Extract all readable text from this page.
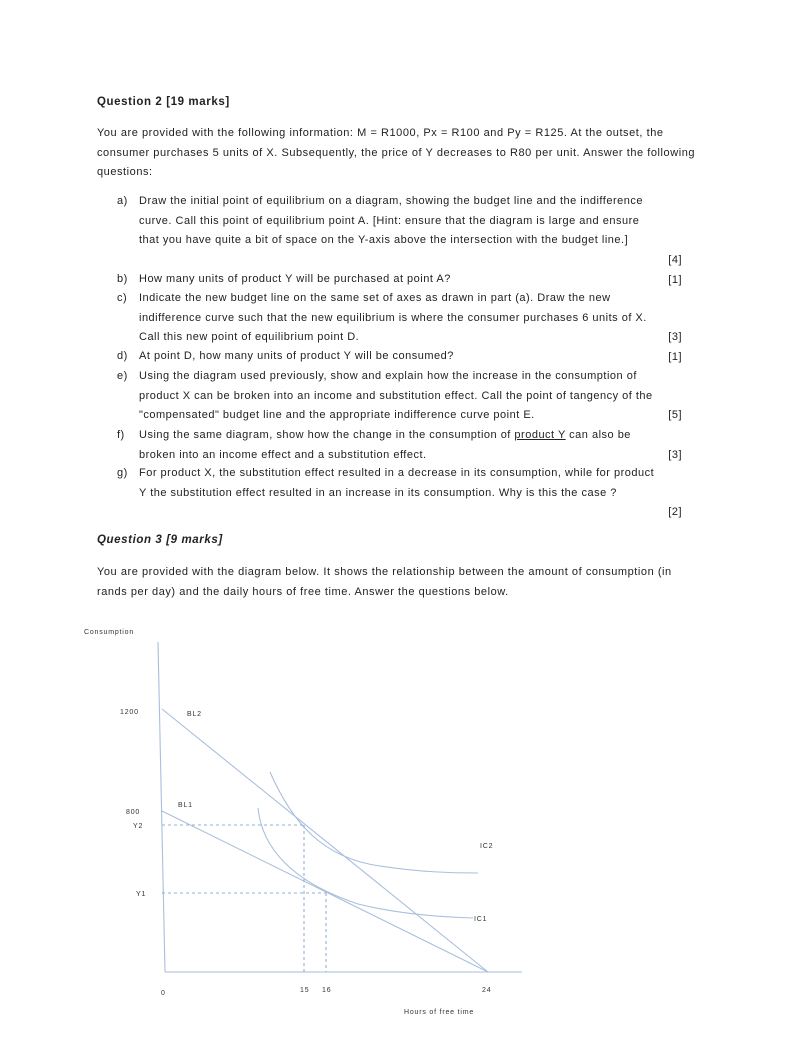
Question 2 [19 marks]
You are provided with the following information: M = R1000, Px = R100 and Py = R125. At the outset, the consumer purchases 5 units of X. Subsequently, the price of Y decreases to R80 per unit. Answer the following questions:
a) Draw the initial point of equilibrium on a diagram, showing the budget line and the indifference curve. Call this point of equilibrium point A. [Hint: ensure that the diagram is large and ensure that you have quite a bit of space on the Y-axis above the intersection with the budget line.]
[4]
b) How many units of product Y will be purchased at point A?	[1]
c) Indicate the new budget line on the same set of axes as drawn in part (a). Draw the new indifference curve such that the new equilibrium is where the consumer purchases 6 units of X. Call this new point of equilibrium point D.	[3]
d) At point D, how many units of product Y will be consumed?	[1]
e) Using the diagram used previously, show and explain how the increase in the consumption of product X can be broken into an income and substitution effect. Call the point of tangency of the "compensated" budget line and the appropriate indifference curve point E.	[5]
f) Using the same diagram, show how the change in the consumption of product Y can also be broken into an income effect and a substitution effect.	[3]
g) For product X, the substitution effect resulted in a decrease in its consumption, while for product Y the substitution effect resulted in an increase in its consumption. Why is this the case ?
[2]
Question 3 [9 marks]
You are provided with the diagram below. It shows the relationship between the amount of consumption (in rands per day) and the daily hours of free time. Answer the questions below.
Consumption
Hours of free time
1200
800
Y2
Y1
0	15 16	24
BL2
BL1
IC2
IC1
